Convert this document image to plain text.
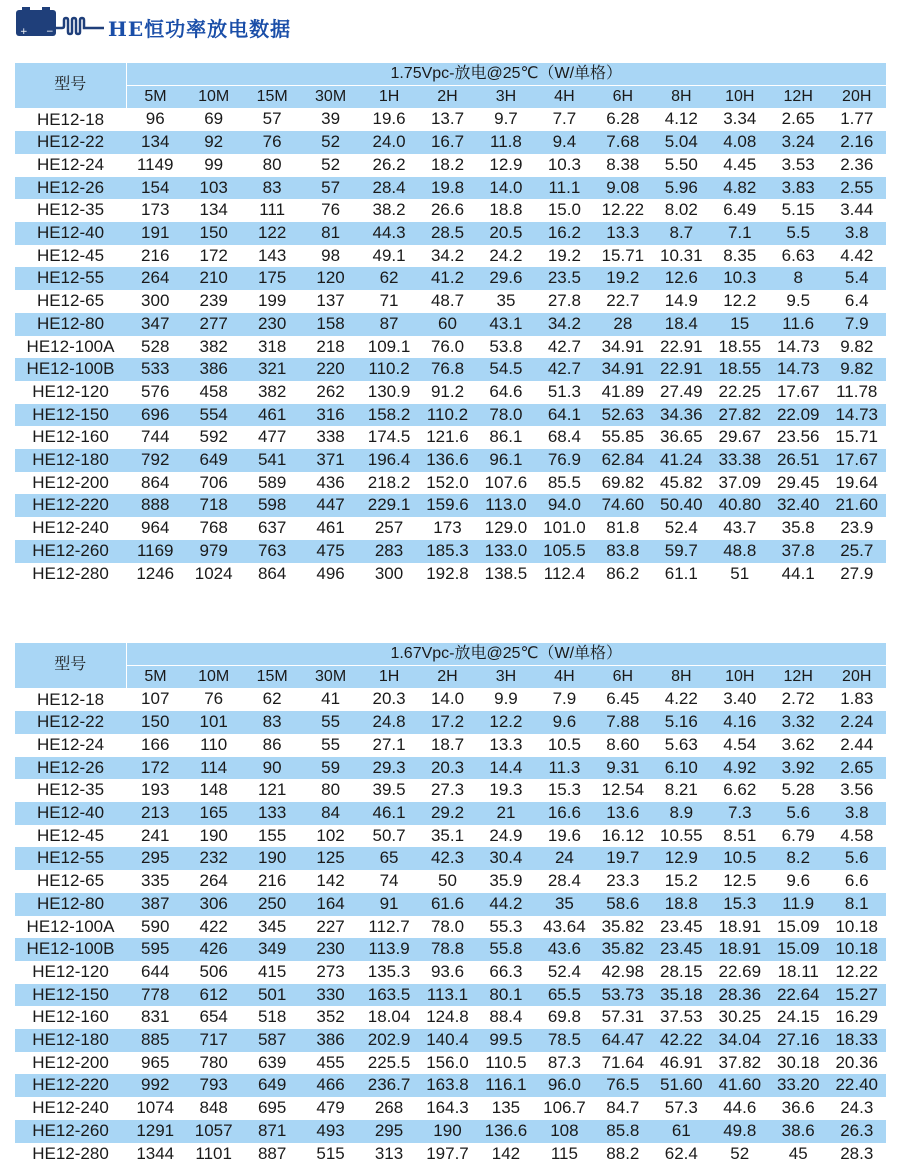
+ −	HE恒功率放电数据
型号	1.75Vpc-放电@25℃（W/单格）												
	5M	10M	15M	30M	1H	2H	3H	4H	6H	8H	10H	12H	20H
HE12-18	96	69	57	39	19.6	13.7	9.7	7.7	6.28	4.12	3.34	2.65	1.77
HE12-22	134	92	76	52	24.0	16.7	11.8	9.4	7.68	5.04	4.08	3.24	2.16
HE12-24	1149	99	80	52	26.2	18.2	12.9	10.3	8.38	5.50	4.45	3.53	2.36
HE12-26	154	103	83	57	28.4	19.8	14.0	11.1	9.08	5.96	4.82	3.83	2.55
HE12-35	173	134	111	76	38.2	26.6	18.8	15.0	12.22	8.02	6.49	5.15	3.44
HE12-40	191	150	122	81	44.3	28.5	20.5	16.2	13.3	8.7	7.1	5.5	3.8
HE12-45	216	172	143	98	49.1	34.2	24.2	19.2	15.71	10.31	8.35	6.63	4.42
HE12-55	264	210	175	120	62	41.2	29.6	23.5	19.2	12.6	10.3	8	5.4
HE12-65	300	239	199	137	71	48.7	35	27.8	22.7	14.9	12.2	9.5	6.4
HE12-80	347	277	230	158	87	60	43.1	34.2	28	18.4	15	11.6	7.9
HE12-100A	528	382	318	218	109.1	76.0	53.8	42.7	34.91	22.91	18.55	14.73	9.82
HE12-100B	533	386	321	220	110.2	76.8	54.5	42.7	34.91	22.91	18.55	14.73	9.82
HE12-120	576	458	382	262	130.9	91.2	64.6	51.3	41.89	27.49	22.25	17.67	11.78
HE12-150	696	554	461	316	158.2	110.2	78.0	64.1	52.63	34.36	27.82	22.09	14.73
HE12-160	744	592	477	338	174.5	121.6	86.1	68.4	55.85	36.65	29.67	23.56	15.71
HE12-180	792	649	541	371	196.4	136.6	96.1	76.9	62.84	41.24	33.38	26.51	17.67
HE12-200	864	706	589	436	218.2	152.0	107.6	85.5	69.82	45.82	37.09	29.45	19.64
HE12-220	888	718	598	447	229.1	159.6	113.0	94.0	74.60	50.40	40.80	32.40	21.60
HE12-240	964	768	637	461	257	173	129.0	101.0	81.8	52.4	43.7	35.8	23.9
HE12-260	1169	979	763	475	283	185.3	133.0	105.5	83.8	59.7	48.8	37.8	25.7
HE12-280	1246	1024	864	496	300	192.8	138.5	112.4	86.2	61.1	51	44.1	27.9
型号	1.67Vpc-放电@25℃（W/单格）												
	5M	10M	15M	30M	1H	2H	3H	4H	6H	8H	10H	12H	20H
HE12-18	107	76	62	41	20.3	14.0	9.9	7.9	6.45	4.22	3.40	2.72	1.83
HE12-22	150	101	83	55	24.8	17.2	12.2	9.6	7.88	5.16	4.16	3.32	2.24
HE12-24	166	110	86	55	27.1	18.7	13.3	10.5	8.60	5.63	4.54	3.62	2.44
HE12-26	172	114	90	59	29.3	20.3	14.4	11.3	9.31	6.10	4.92	3.92	2.65
HE12-35	193	148	121	80	39.5	27.3	19.3	15.3	12.54	8.21	6.62	5.28	3.56
HE12-40	213	165	133	84	46.1	29.2	21	16.6	13.6	8.9	7.3	5.6	3.8
HE12-45	241	190	155	102	50.7	35.1	24.9	19.6	16.12	10.55	8.51	6.79	4.58
HE12-55	295	232	190	125	65	42.3	30.4	24	19.7	12.9	10.5	8.2	5.6
HE12-65	335	264	216	142	74	50	35.9	28.4	23.3	15.2	12.5	9.6	6.6
HE12-80	387	306	250	164	91	61.6	44.2	35	58.6	18.8	15.3	11.9	8.1
HE12-100A	590	422	345	227	112.7	78.0	55.3	43.64	35.82	23.45	18.91	15.09	10.18
HE12-100B	595	426	349	230	113.9	78.8	55.8	43.6	35.82	23.45	18.91	15.09	10.18
HE12-120	644	506	415	273	135.3	93.6	66.3	52.4	42.98	28.15	22.69	18.11	12.22
HE12-150	778	612	501	330	163.5	113.1	80.1	65.5	53.73	35.18	28.36	22.64	15.27
HE12-160	831	654	518	352	18.04	124.8	88.4	69.8	57.31	37.53	30.25	24.15	16.29
HE12-180	885	717	587	386	202.9	140.4	99.5	78.5	64.47	42.22	34.04	27.16	18.33
HE12-200	965	780	639	455	225.5	156.0	110.5	87.3	71.64	46.91	37.82	30.18	20.36
HE12-220	992	793	649	466	236.7	163.8	116.1	96.0	76.5	51.60	41.60	33.20	22.40
HE12-240	1074	848	695	479	268	164.3	135	106.7	84.7	57.3	44.6	36.6	24.3
HE12-260	1291	1057	871	493	295	190	136.6	108	85.8	61	49.8	38.6	26.3
HE12-280	1344	1101	887	515	313	197.7	142	115	88.2	62.4	52	45	28.3
